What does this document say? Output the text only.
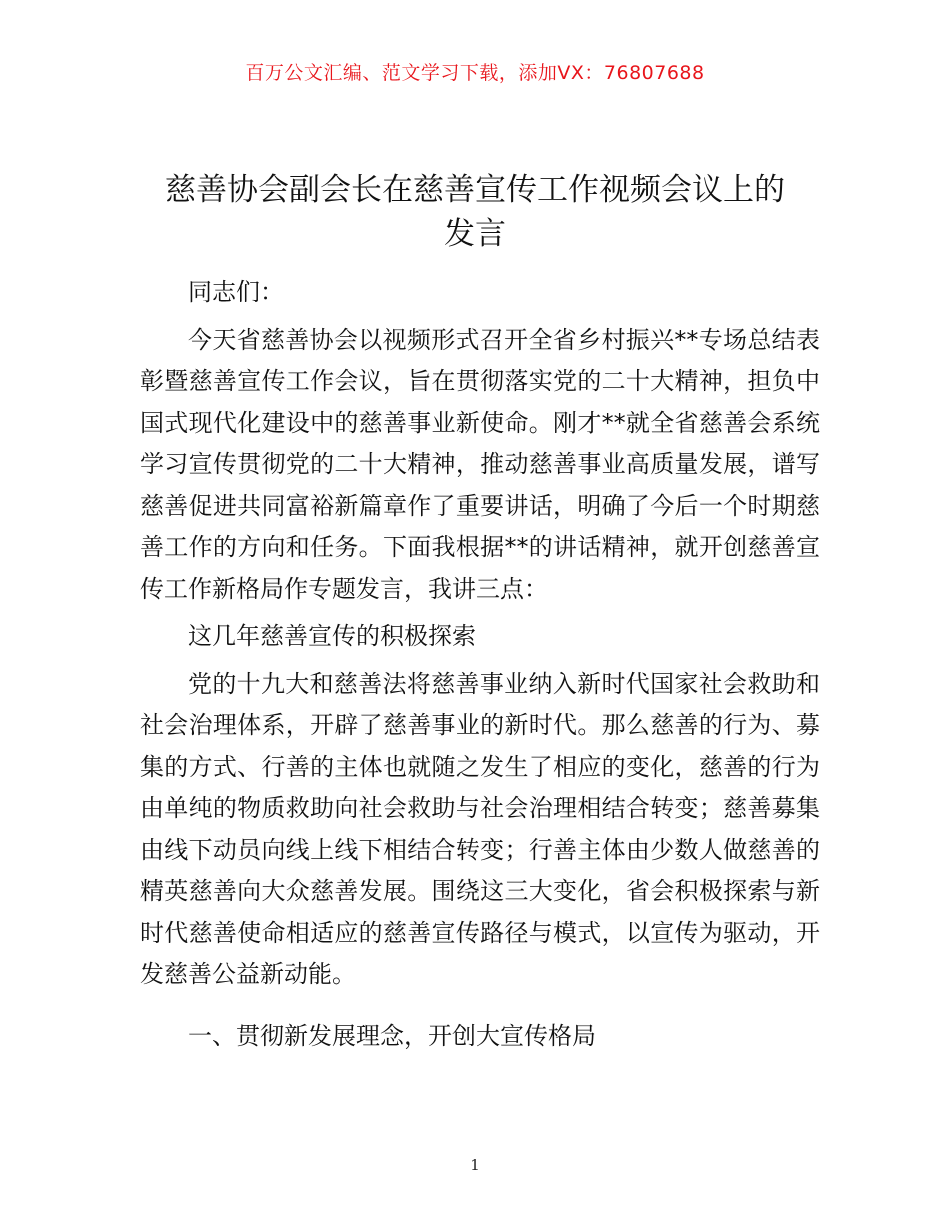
百万公文汇编、范文学习下载，添加VX：76807688
慈善协会副会长在慈善宣传工作视频会议上的
发言

同志们：

今天省慈善协会以视频形式召开全省乡村振兴**专场总结表彰暨慈善宣传工作会议，旨在贯彻落实党的二十大精神，担负中国式现代化建设中的慈善事业新使命。刚才**就全省慈善会系统学习宣传贯彻党的二十大精神，推动慈善事业高质量发展，谱写慈善促进共同富裕新篇章作了重要讲话，明确了今后一个时期慈善工作的方向和任务。下面我根据**的讲话精神，就开创慈善宣传工作新格局作专题发言，我讲三点：

这几年慈善宣传的积极探索

党的十九大和慈善法将慈善事业纳入新时代国家社会救助和社会治理体系，开辟了慈善事业的新时代。那么慈善的行为、募集的方式、行善的主体也就随之发生了相应的变化，慈善的行为由单纯的物质救助向社会救助与社会治理相结合转变；慈善募集由线下动员向线上线下相结合转变；行善主体由少数人做慈善的精英慈善向大众慈善发展。围绕这三大变化，省会积极探索与新时代慈善使命相适应的慈善宣传路径与模式，以宣传为驱动，开发慈善公益新动能。

一、贯彻新发展理念，开创大宣传格局

1
